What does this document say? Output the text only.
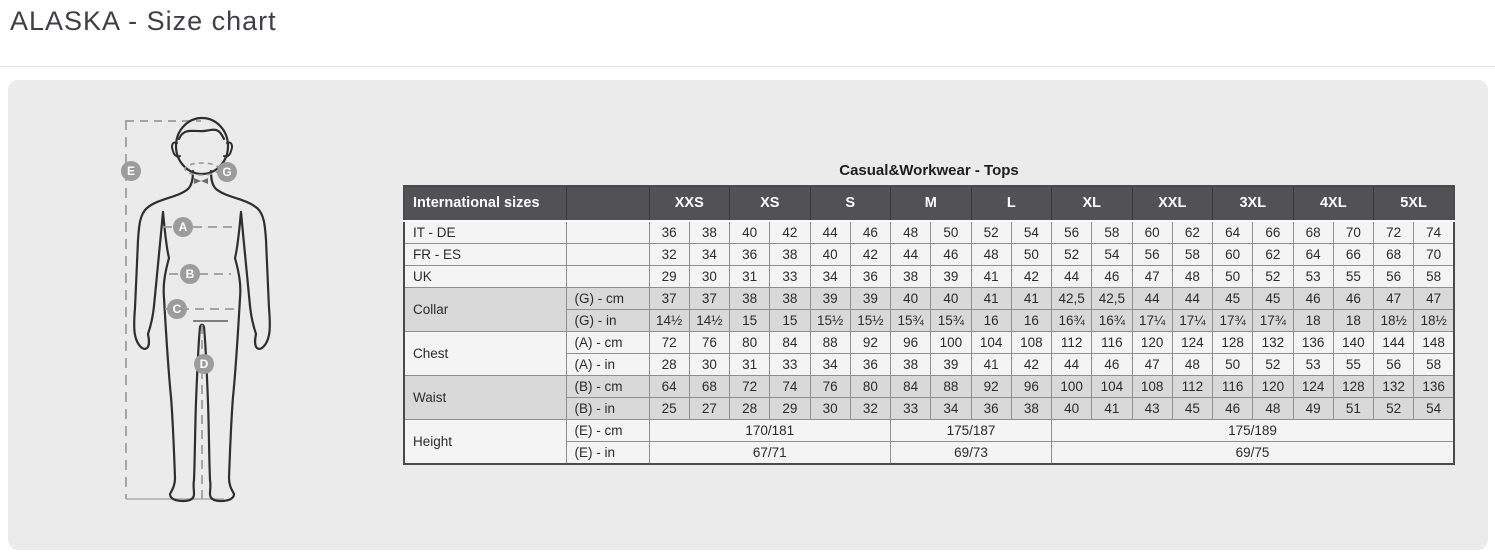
ALASKA - Size chart
E	G
A
B
C
D
Casual&Workwear - Tops
International sizes		XXS		XS		S		M		L		XL		XXL		3XL		4XL		5XL	
IT - DE		36	38	40	42	44	46	48	50	52	54	56	58	60	62	64	66	68	70	72	74
FR - ES		32	34	36	38	40	42	44	46	48	50	52	54	56	58	60	62	64	66	68	70
UK		29	30	31	33	34	36	38	39	41	42	44	46	47	48	50	52	53	55	56	58
Collar	(G) - cm	37	37	38	38	39	39	40	40	41	41	42,5	42,5	44	44	45	45	46	46	47	47
	(G) - in	14½	14½	15	15	15½	15½	15¾	15¾	16	16	16¾	16¾	17¼	17¼	17¾	17¾	18	18	18½	18½
Chest	(A) - cm	72	76	80	84	88	92	96	100	104	108	112	116	120	124	128	132	136	140	144	148
	(A) - in	28	30	31	33	34	36	38	39	41	42	44	46	47	48	50	52	53	55	56	58
Waist	(B) - cm	64	68	72	74	76	80	84	88	92	96	100	104	108	112	116	120	124	128	132	136
	(B) - in	25	27	28	29	30	32	33	34	36	38	40	41	43	45	46	48	49	51	52	54
Height	(E) - cm	170/181						175/187				175/189									
	(E) - in	67/71						69/73				69/75									
